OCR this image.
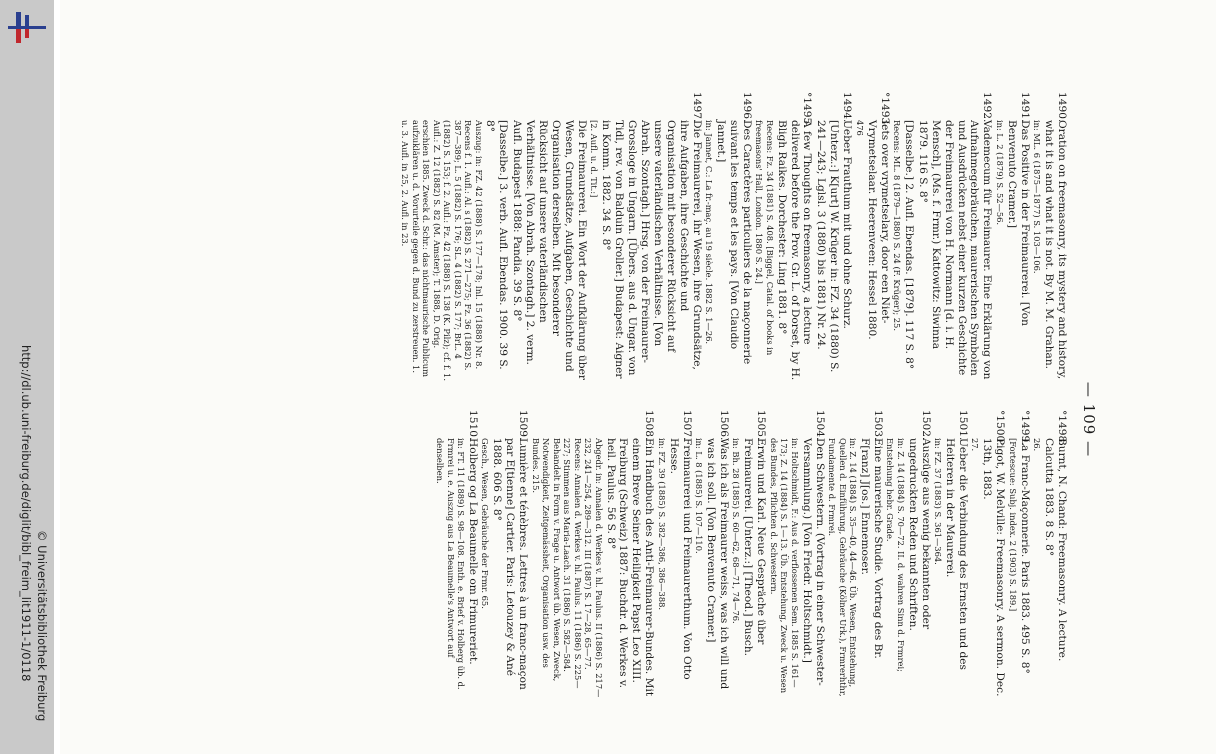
http://dl.ub.uni-freiburg.de/diglit/bibl_freim_lit1911-1/0118 © Universitätsbibliothek Freiburg
— 109 —
1490.
Oration on freemasonry, its mystery and history, what it is and what it is not. By M. M. Grahan.
in: ML. 6 (1875—1877) S. 103—106.
1491.
Das Positive in der Freimaurerei. [Von Benvenuto Cramer.]
in: L. 2 (1879) S. 52—56.
1492.
Vademecum für Freimaurer. Eine Erklärung von Aufnahmegebräuchen, maurerischen Symbolen und Ausdrücken nebst einer kurzen Geschichte der Freimaurerei von H. Normann [d. i. H. Mensch], (Ms. f. Frmr.) Kattowitz: Siwinna 1879. 116 S. 8°
[Dasselbe.] 2. Aufl. Ebendas. [1879]. 117 S. 8°
Recens: ML. 8 (1879—1880) S. 24 (F. Krüger); 25.
°1493.
Iets over vrymetselary, door een Niet-Vrymetselaar. Heerenveen: Hessel 1880.
476
1494.
Ueber Frauthum mit und ohne Schurz. [Unterz.:] K[urt] W. Krüger in: FZ. 34 (1880) S. 241—243; Lglsl. 3 (1880) bis 1881) Nr. 24.
°1495.
A few Thoughts on freemasonry, a lecture delivered before the Prov. Gr. L. of Dorset, by H. Bligh Raikes. Dorchester: Ling 1881. 8°
Recens: Fz. 34 (1881) S. 408. [Biggel, Catal. of books in freemasons' Hall, London. 1880 S. 24.]
1496.
Des Caractères particuliers de la maçonnerie suivant les temps et les pays. [Von Claudio Jannet.]
in: Jannet, C.: La fr.-maç. au 19 siècle. 1882 S. 1—26.
1497.
Die Freimaurerei, ihr Wesen, ihre Grundsätze, ihre Aufgaben, ihre Geschichte und Organisation mit besonderer Rücksicht auf unsere vaterländischen Verhältnisse. [Von Abrah. Szontagh.] Hrsg. von der Freimaurer-Grossloge in Ungarn. [Übers. aus d. Ungar. von Tidl, rev. von Balduin Groller.] Budapest: Aigner in Komm. 1882. 34 S. 8°
[2. Aufl. u. d. Tit.:]
Die Freimaurerei. Ein Wort der Aufklärung über Wesen, Grundsätze, Aufgaben, Geschichte und Organisation derselben. Mit besonderer Rücksicht auf unsere vaterländischen Verhältnisse. [Von Abrah. Szontagh.] 2. verm. Aufl. Budapest 1888: Pandia. 39 S. 8°
[Dasselbe.] 3. verb. Aufl. Ebendas. 1900. 39 S. 8°
Auszug: in: FZ. 42 (1888) S. 177—178; Inl. 15 (1888) Nr. 8. Recens f. 1. Aufl.: Al. s (1882) S. 271—275; Fz. 36 (1882) S. 387—389; L. 5 (1882) S. 176; SL. 4 (1882) S. 177; BrL. 4 (1882) S. 153; f. 2. Aufl.: Fz. 42 (1888) S. 138 (K. Pilz); cf. f. 1. Aufl.: Z. 12 (1882) S. 82 (M. Amster); T. 1888, D. Orig. erschien 1885. Zweck d. Schr.: das nichtmaurische Publicum aufzuklären u. d. Vorurteile gegen d. Bund zu zerstreuen. 1. u. 3. Aufl. in 25, 2. Aufl. in 23.
°1498.
Burnt, N. Chand: Freemasonry. A lecture. Calcutta 1883. 8 S. 8°
26.
°1499.
La Franc-Maçonnerie. Paris 1883. 495 S. 8°
[Fortescue: Subj. index. 2 (1903) S. 189.]
°1500.
Pigot, W. Melville: Freemasonry. A sermon. Dec. 13th, 1883.
27.
1501.
Ueber die Verbindung des Ernsten und des Heiteren in der Maurerei.
in: FZ. 37 (1883) S. 361—364.
1502.
Auszüge aus wenig bekannten oder ungedruckten Reden und Schriften.
in: Z. 14 (1884) S. 70—72. II. d. wahren Sinn d. Frmrei; Entstehung hebr. Grade.
1503.
Eine maurerische Studie. Vortrag des Br. F[ranz] J[os.] Ennemoser.
in: Z. 14 (1884) S. 35—40, 44—46. Üb. Wesen, Entstehung, Quellen d. Einführung, Gebräuche (Kölner Urk.), Frmrerhthr, Fundamente d. Frmrei.
1504.
Den Schwestern. (Vortrag in einer Schwester-Versammlung.) [Von Friedr. Holtschmidt.]
in: Holtschmidt, F.: Aus d. verflossenen Sem. 1885 S. 161—173; Z. 14 (1884) S. 1—13. Üb. Entstehung, Zweck u. Wesen des Bundes, Pflichten d. Schwestern.
1505.
Erwin und Karl. Neue Gespräche über Freimaurerei. [Unterz.:] [Theod.] Busch.
in: Bh. 28 (1885) S. 60—62, 68—71, 74—76.
1506.
Was ich als Freimaurer weiss, was ich will und was ich soll. [Von Benvenuto Cramer.]
in: L. 8 (1885) S. 107—110.
1507.
Freimaurerei und Freimaurerthum. Von Otto Hesse.
in: FZ. 39 (1885) S. 382—386, 386—388.
1508.
Ein Handbuch des Anti-Freimaurer-Bundes. Mit einem Breve Seiner Heiligkeit Papst Leo XIII. Freiburg (Schweiz) 1887: Buchdr. d. Werkes v. heil. Paulus. 56 S. 8°
Abgedr. in: Annalen d. Werkes v. hl. Paulus. II (1886) S. 217—232, 241—254, 289—312. III (1887) S. 17—28, 65—77. Recens: Annalen d. Werkes v. hl. Paulus. 11 (1886) S. 225—227; Stimmen aus Maria-Laach. 31 (1886) S. 582—584. Behandelt in Form v. Frage u. Antwort üb. Wesen, Zweck, Notwendigkeit, Zeitgemässheit, Organisation usw. des Bundes. 215.
1509.
Lumière et ténèbres. Lettres à un franc-maçon par E[tienne] Cartier. Paris: Letouzey & Ané 1888. 606 S. 8°
Gesch., Wesen, Gebräuche der Frmr. 65.
1510.
Holberg og La Beaumelle om Frimureriet.
in: FT. 11 (1889) S. 98—108. Enth. e. Brief v. Holberg üb. d. Frmrei u. e. Auszug aus La Beaumelle's Antwort auf denselben.
